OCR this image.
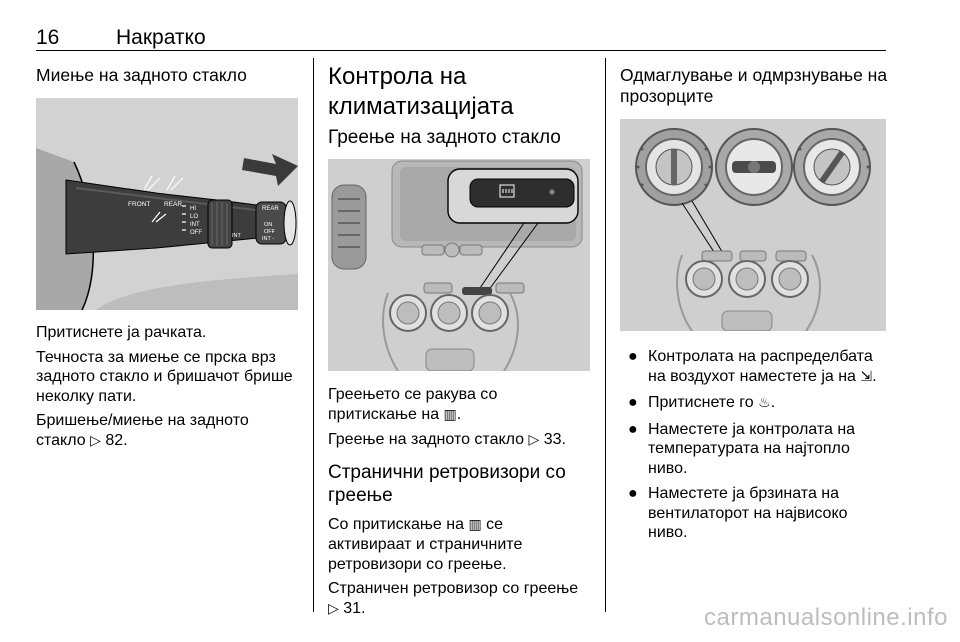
16	Накратко
Миење на задното стакло
FRONT REAR
REAR
HI
LO
INT
OFF	INT
ON
OFF
INT -

Притиснете ја рачката.

Течноста за миење се прска врз задното стакло и бришачот брише неколку пати.

Бришење/миење на задното стакло ▷ 82.

Контрола на климатизацијата
Греење на задното стакло

Греењето се ракува со притискање на ▥.

Греење на задното стакло ▷ 33.

Странични ретровизори со греење

Со притискање на ▥ се активираат и страничните ретровизори со греење.

Страничен ретровизор со греење ▷ 31.

Одмаглување и одмрзнување на прозорците
● Контролата на распределбата на воздухот наместете ја на ⇲.
● Притиснете го ♨.
● Наместете ја контролата на температурата на најтопло ниво.
● Наместете ја брзината на вентилаторот на највисоко ниво.
carmanualsonline.info
